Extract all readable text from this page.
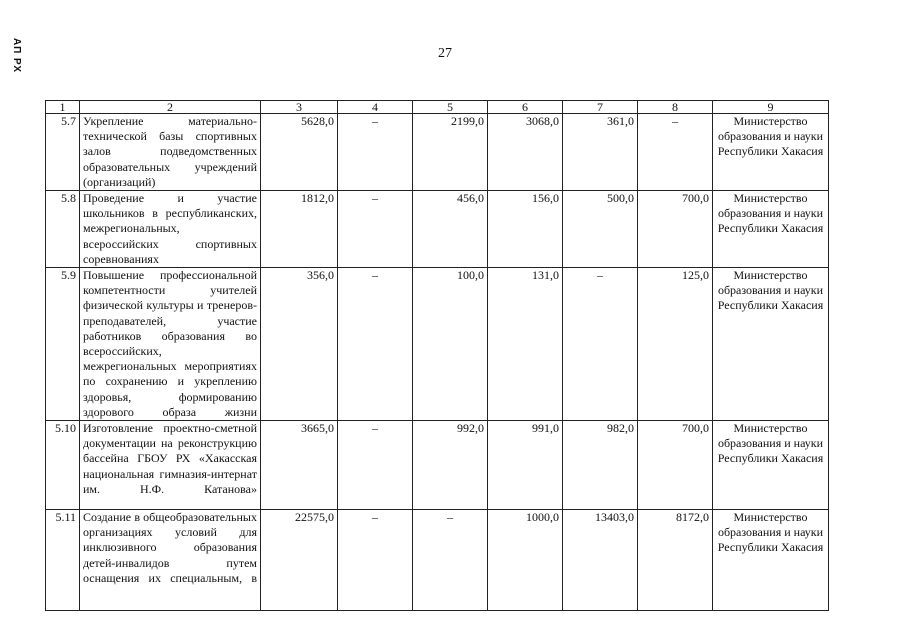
АП РХ	27
1	2	3	4	5	6	7	8	9
5.7	Укрепление материально-технической базы спортивных залов подведомственных образовательных учреждений (организаций)	5628,0	–	2199,0	3068,0	361,0	–	Министерство образования и науки Республики Хакасия
5.8	Проведение и участие школьников в республиканских, межрегиональных, всероссийских спортивных соревнованиях	1812,0	–	456,0	156,0	500,0	700,0	Министерство образования и науки Республики Хакасия
5.9	Повышение профессиональной компетентности учителей физической культуры и тренеров-преподавателей, участие работников образования во всероссийских, межрегиональных мероприятиях по сохранению и укреплению здоровья, формированию здорового образа жизни	356,0	–	100,0	131,0	–	125,0	Министерство образования и науки Республики Хакасия
5.10	Изготовление проектно-сметной документации на реконструкцию бассейна ГБОУ РХ «Хакасская национальная гимназия-интернат им. Н.Ф. Катанова»	3665,0	–	992,0	991,0	982,0	700,0	Министерство образования и науки Республики Хакасия
5.11	Создание в общеобразовательных организациях условий для инклюзивного образования детей-инвалидов путем оснащения их специальным, в	22575,0	–	–	1000,0	13403,0	8172,0	Министерство образования и науки Республики Хакасия
